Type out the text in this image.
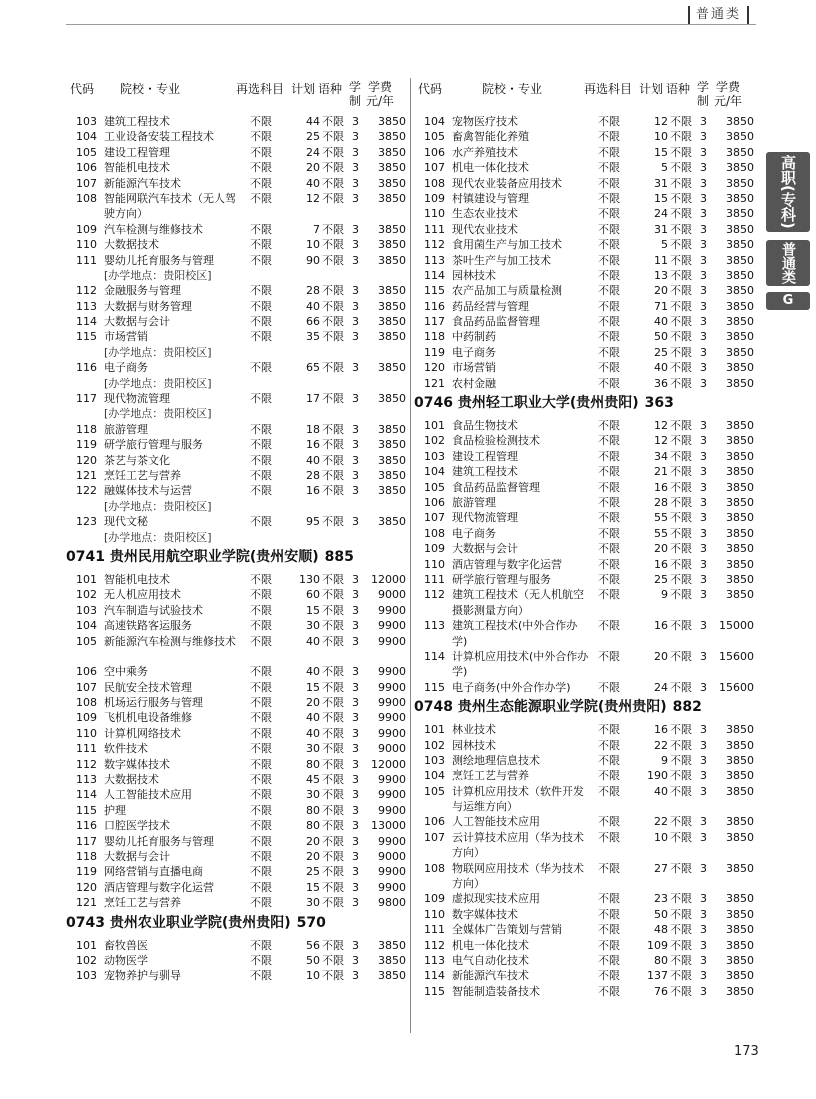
普通类
代码 院校・专业	再选科目 计划 语种 学
制
学费
元/年
代码	院校・专业	再选科目 计划 语种 学
制
学费
元/年
103 建筑工程技术	不限	44 不限 3	3850
104 工业设备安装工程技术	不限	25 不限 3	3850
105 建设工程管理	不限	24 不限 3	3850
106 智能机电技术	不限	20 不限 3	3850
107 新能源汽车技术	不限	40 不限 3	3850
108 智能网联汽车技术（无人驾驶方向）
不限	12 不限 3	3850
109 汽车检测与维修技术	不限	7 不限 3	3850
110 大数据技术	不限	10 不限 3	3850
111 婴幼儿托育服务与管理	不限	90 不限 3	3850
[办学地点：贵阳校区]
112 金融服务与管理	不限	28 不限 3	3850
113 大数据与财务管理	不限	40 不限 3	3850
114 大数据与会计	不限	66 不限 3	3850
115 市场营销	不限	35 不限 3	3850
[办学地点：贵阳校区]
116 电子商务	不限	65 不限 3	3850
[办学地点：贵阳校区]
117 现代物流管理	不限	17 不限 3	3850
[办学地点：贵阳校区]
118 旅游管理	不限	18 不限 3	3850
119 研学旅行管理与服务	不限	16 不限 3	3850
120 茶艺与茶文化	不限	40 不限 3	3850
121 烹饪工艺与营养	不限	28 不限 3	3850
122 融媒体技术与运营	不限	16 不限 3	3850
[办学地点：贵阳校区]
123 现代文秘	不限	95 不限 3	3850
[办学地点：贵阳校区]
0741 贵州民用航空职业学院(贵州安顺) 885
101 智能机电技术	不限	130 不限 3	12000
102 无人机应用技术	不限	60 不限 3	9000
103 汽车制造与试验技术	不限	15 不限 3	9900
104 高速铁路客运服务	不限	30 不限 3	9900
105 新能源汽车检测与维修技术	不限	40 不限 3	9900
106 空中乘务	不限	40 不限 3	9900
107 民航安全技术管理	不限	15 不限 3	9900
108 机场运行服务与管理	不限	20 不限 3	9900
109 飞机机电设备维修	不限	40 不限 3	9900
110 计算机网络技术	不限	40 不限 3	9900
111 软件技术	不限	30 不限 3	9000
112 数字媒体技术	不限	80 不限 3	12000
113 大数据技术	不限	45 不限 3	9900
114 人工智能技术应用	不限	30 不限 3	9900
115 护理	不限	80 不限 3	9900
116 口腔医学技术	不限	80 不限 3	13000
117 婴幼儿托育服务与管理	不限	20 不限 3	9900
118 大数据与会计	不限	20 不限 3	9000
119 网络营销与直播电商	不限	25 不限 3	9900
120 酒店管理与数字化运营	不限	15 不限 3	9900
121 烹饪工艺与营养	不限	30 不限 3	9800
0743 贵州农业职业学院(贵州贵阳) 570
101 畜牧兽医	不限	56 不限 3	3850
102 动物医学	不限	50 不限 3	3850
103 宠物养护与驯导	不限	10 不限 3	3850
104 宠物医疗技术	不限	12 不限 3	3850
105 畜禽智能化养殖	不限	10 不限 3	3850
106 水产养殖技术	不限	15 不限 3	3850
107 机电一体化技术	不限	5 不限 3	3850
108 现代农业装备应用技术	不限	31 不限 3	3850
109 村镇建设与管理	不限	15 不限 3	3850
110 生态农业技术	不限	24 不限 3	3850
111 现代农业技术	不限	31 不限 3	3850
112 食用菌生产与加工技术	不限	5 不限 3	3850
113 茶叶生产与加工技术	不限	11 不限 3	3850
114 园林技术	不限	13 不限 3	3850
115 农产品加工与质量检测	不限	20 不限 3	3850
116 药品经营与管理	不限	71 不限 3	3850
117 食品药品监督管理	不限	40 不限 3	3850
118 中药制药	不限	50 不限 3	3850
119 电子商务	不限	25 不限 3	3850
120 市场营销	不限	40 不限 3	3850
121 农村金融	不限	36 不限 3	3850
0746 贵州轻工职业大学(贵州贵阳) 363
101 食品生物技术	不限	12 不限 3	3850
102 食品检验检测技术	不限	12 不限 3	3850
103 建设工程管理	不限	34 不限 3	3850
104 建筑工程技术	不限	21 不限 3	3850
105 食品药品监督管理	不限	16 不限 3	3850
106 旅游管理	不限	28 不限 3	3850
107 现代物流管理	不限	55 不限 3	3850
108 电子商务	不限	55 不限 3	3850
109 大数据与会计	不限	20 不限 3	3850
110 酒店管理与数字化运营	不限	16 不限 3	3850
111 研学旅行管理与服务	不限	25 不限 3	3850
112 建筑工程技术（无人机航空摄影测量方向）
不限	9 不限 3	3850
113 建筑工程技术(中外合作办学)
不限	16 不限 3	15000
114 计算机应用技术(中外合作办学)
不限	20 不限 3	15600
115 电子商务(中外合作办学) 不限	24 不限 3	15600
0748 贵州生态能源职业学院(贵州贵阳) 882
101 林业技术	不限	16 不限 3	3850
102 园林技术	不限	22 不限 3	3850
103 测绘地理信息技术	不限	9 不限 3	3850
104 烹饪工艺与营养	不限	190 不限 3	3850
105 计算机应用技术（软件开发与运维方向）
不限	40 不限 3	3850
106 人工智能技术应用	不限	22 不限 3	3850
107 云计算技术应用（华为技术方向）
不限	10 不限 3	3850
108 物联网应用技术（华为技术方向）
不限	27 不限 3	3850
109 虚拟现实技术应用	不限	23 不限 3	3850
110 数字媒体技术	不限	50 不限 3	3850
111 全媒体广告策划与营销	不限	48 不限 3	3850
112 机电一体化技术	不限	109 不限 3	3850
113 电气自动化技术	不限	80 不限 3	3850
114 新能源汽车技术	不限	137 不限 3	3850
115 智能制造装备技术	不限	76 不限 3	3850
高职(专科)
普通类
G
173
